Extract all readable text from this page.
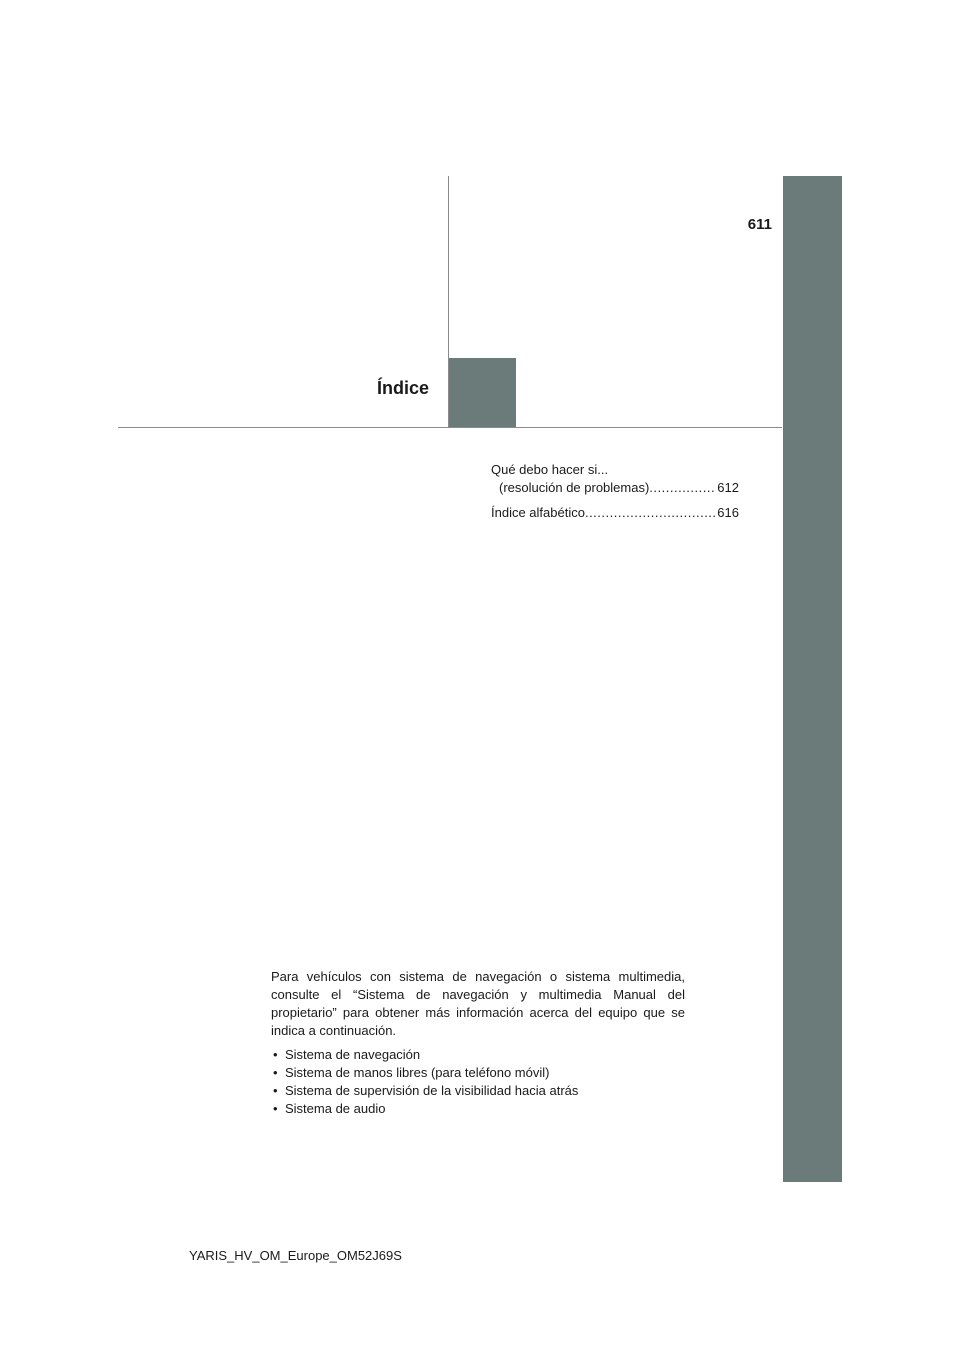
611
Índice
Qué debo hacer si...
(resolución de problemas) .....	612
Índice alfabético .....	616

Para vehículos con sistema de navegación o sistema multimedia, consulte el “Sistema de navegación y multimedia Manual del propietario” para obtener más información acerca del equipo que se indica a continuación.

• Sistema de navegación
• Sistema de manos libres (para teléfono móvil)
• Sistema de supervisión de la visibilidad hacia atrás
• Sistema de audio
YARIS_HV_OM_Europe_OM52J69S
